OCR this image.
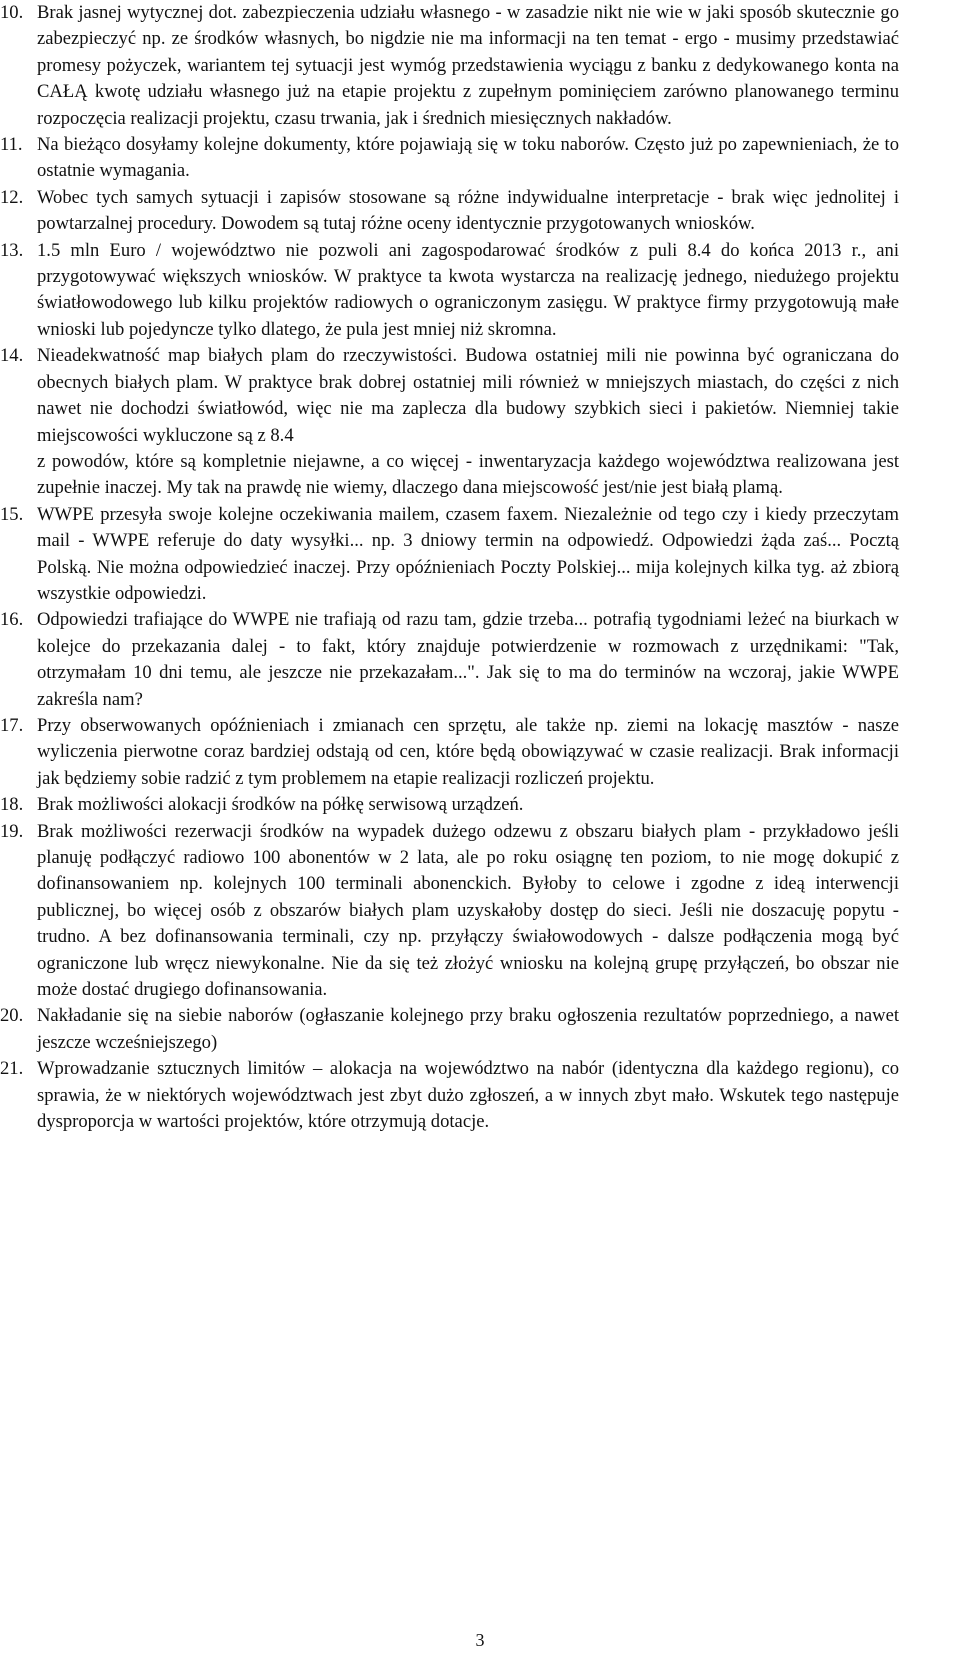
10. Brak jasnej wytycznej dot. zabezpieczenia udziału własnego - w zasadzie nikt nie wie w jaki sposób skutecznie go zabezpieczyć np. ze środków własnych, bo nigdzie nie ma informacji na ten temat - ergo - musimy przedstawiać promesy pożyczek, wariantem tej sytuacji jest wymóg przedstawienia wyciągu z banku z dedykowanego konta na CAŁĄ kwotę udziału własnego już na etapie projektu z zupełnym pominięciem zarówno planowanego terminu rozpoczęcia realizacji projektu, czasu trwania, jak i średnich miesięcznych nakładów.
11. Na bieżąco dosyłamy kolejne dokumenty, które pojawiają się w toku naborów. Często już po zapewnieniach, że to ostatnie wymagania.
12. Wobec tych samych sytuacji i zapisów stosowane są różne indywidualne interpretacje - brak więc jednolitej i powtarzalnej procedury. Dowodem są tutaj różne oceny identycznie przygotowanych wniosków.
13. 1.5 mln Euro / województwo nie pozwoli ani zagospodarować środków z puli 8.4 do końca 2013 r., ani przygotowywać większych wniosków. W praktyce ta kwota wystarcza na realizację jednego, niedużego projektu światłowodowego lub kilku projektów radiowych o ograniczonym zasięgu. W praktyce firmy przygotowują małe wnioski lub pojedyncze tylko dlatego, że pula jest mniej niż skromna.
14. Nieadekwatność map białych plam do rzeczywistości. Budowa ostatniej mili nie powinna być ograniczana do obecnych białych plam. W praktyce brak dobrej ostatniej mili również w mniejszych miastach, do części z nich nawet nie dochodzi światłowód, więc nie ma zaplecza dla budowy szybkich sieci i pakietów. Niemniej takie miejscowości wykluczone są z 8.4
z powodów, które są kompletnie niejawne, a co więcej - inwentaryzacja każdego województwa realizowana jest zupełnie inaczej. My tak na prawdę nie wiemy, dlaczego dana miejscowość jest/nie jest białą plamą.
15. WWPE przesyła swoje kolejne oczekiwania mailem, czasem faxem. Niezależnie od tego czy i kiedy przeczytam mail - WWPE referuje do daty wysyłki... np. 3 dniowy termin na odpowiedź. Odpowiedzi żąda zaś... Pocztą Polską. Nie można odpowiedzieć inaczej. Przy opóźnieniach Poczty Polskiej... mija kolejnych kilka tyg. aż zbiorą wszystkie odpowiedzi.
16. Odpowiedzi trafiające do WWPE nie trafiają od razu tam, gdzie trzeba... potrafią tygodniami leżeć na biurkach w kolejce do przekazania dalej - to fakt, który znajduje potwierdzenie w rozmowach z urzędnikami: "Tak, otrzymałam 10 dni temu, ale jeszcze nie przekazałam...". Jak się to ma do terminów na wczoraj, jakie WWPE zakreśla nam?
17. Przy obserwowanych opóźnieniach i zmianach cen sprzętu, ale także np. ziemi na lokację masztów - nasze wyliczenia pierwotne coraz bardziej odstają od cen, które będą obowiązywać w czasie realizacji. Brak informacji jak będziemy sobie radzić z tym problemem na etapie realizacji rozliczeń projektu.
18. Brak możliwości alokacji środków na półkę serwisową urządzeń.
19. Brak możliwości rezerwacji środków na wypadek dużego odzewu z obszaru białych plam - przykładowo jeśli planuję podłączyć radiowo 100 abonentów w 2 lata, ale po roku osiągnę ten poziom, to nie mogę dokupić z dofinansowaniem np. kolejnych 100 terminali abonenckich. Byłoby to celowe i zgodne z ideą interwencji publicznej, bo więcej osób z obszarów białych plam uzyskałoby dostęp do sieci. Jeśli nie doszacuję popytu - trudno. A bez dofinansowania terminali, czy np. przyłączy świałowodowych - dalsze podłączenia mogą być ograniczone lub wręcz niewykonalne. Nie da się też złożyć wniosku na kolejną grupę przyłączeń, bo obszar nie może dostać drugiego dofinansowania.
20. Nakładanie się na siebie naborów (ogłaszanie kolejnego przy braku ogłoszenia rezultatów poprzedniego, a nawet jeszcze wcześniejszego)
21. Wprowadzanie sztucznych limitów – alokacja na województwo na nabór (identyczna dla każdego regionu), co sprawia, że w niektórych województwach jest zbyt dużo zgłoszeń, a w innych zbyt mało. Wskutek tego następuje dysproporcja w wartości projektów, które otrzymują dotacje.
3
